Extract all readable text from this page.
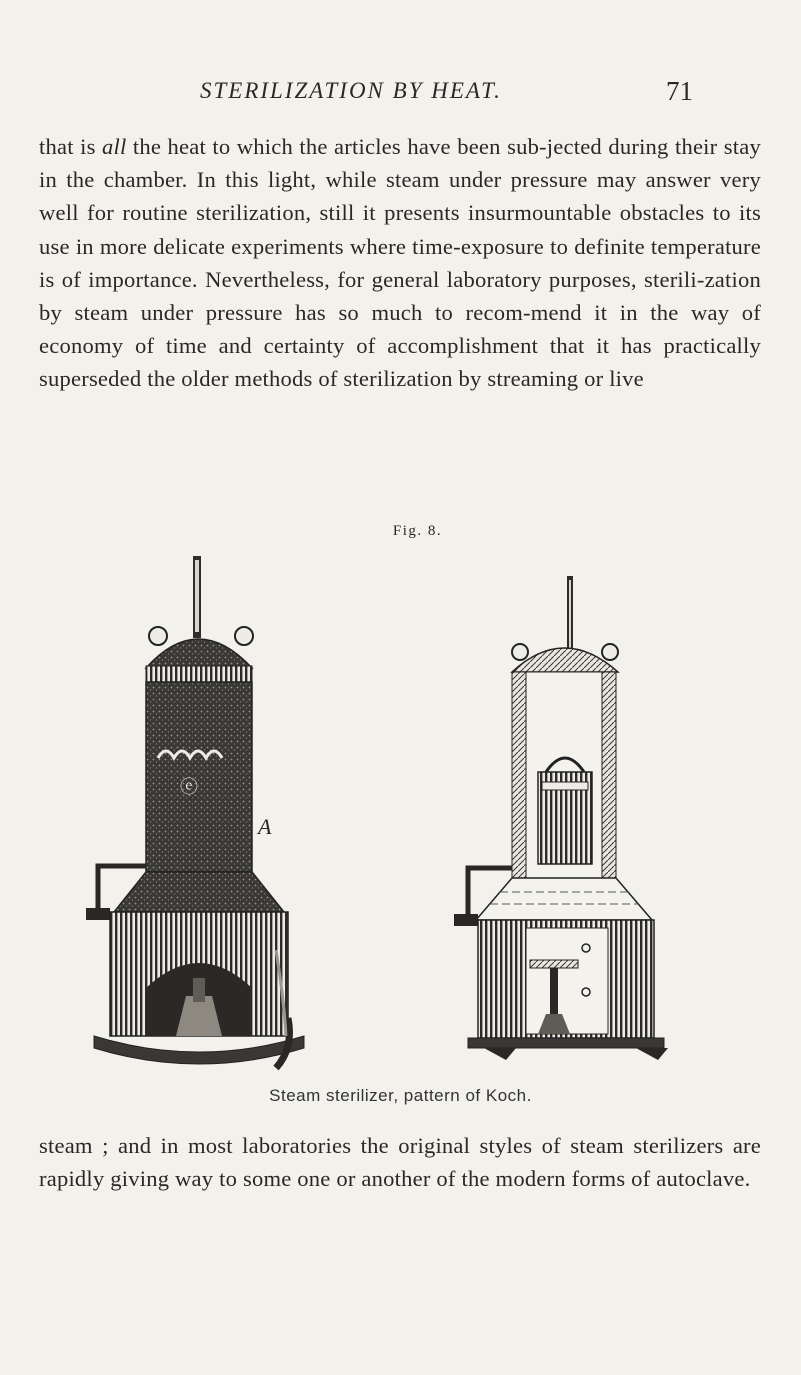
STERILIZATION BY HEAT.	71

that is all the heat to which the articles have been sub-jected during their stay in the chamber. In this light, while steam under pressure may answer very well for routine sterilization, still it presents insurmountable obstacles to its use in more delicate experiments where time-exposure to definite temperature is of importance. Nevertheless, for general laboratory purposes, sterili-zation by steam under pressure has so much to recom-mend it in the way of economy of time and certainty of accomplishment that it has practically superseded the older methods of sterilization by streaming or live

Fig. 8.
ⓔ
A
Steam sterilizer, pattern of Koch.

steam ; and in most laboratories the original styles of steam sterilizers are rapidly giving way to some one or another of the modern forms of autoclave.
